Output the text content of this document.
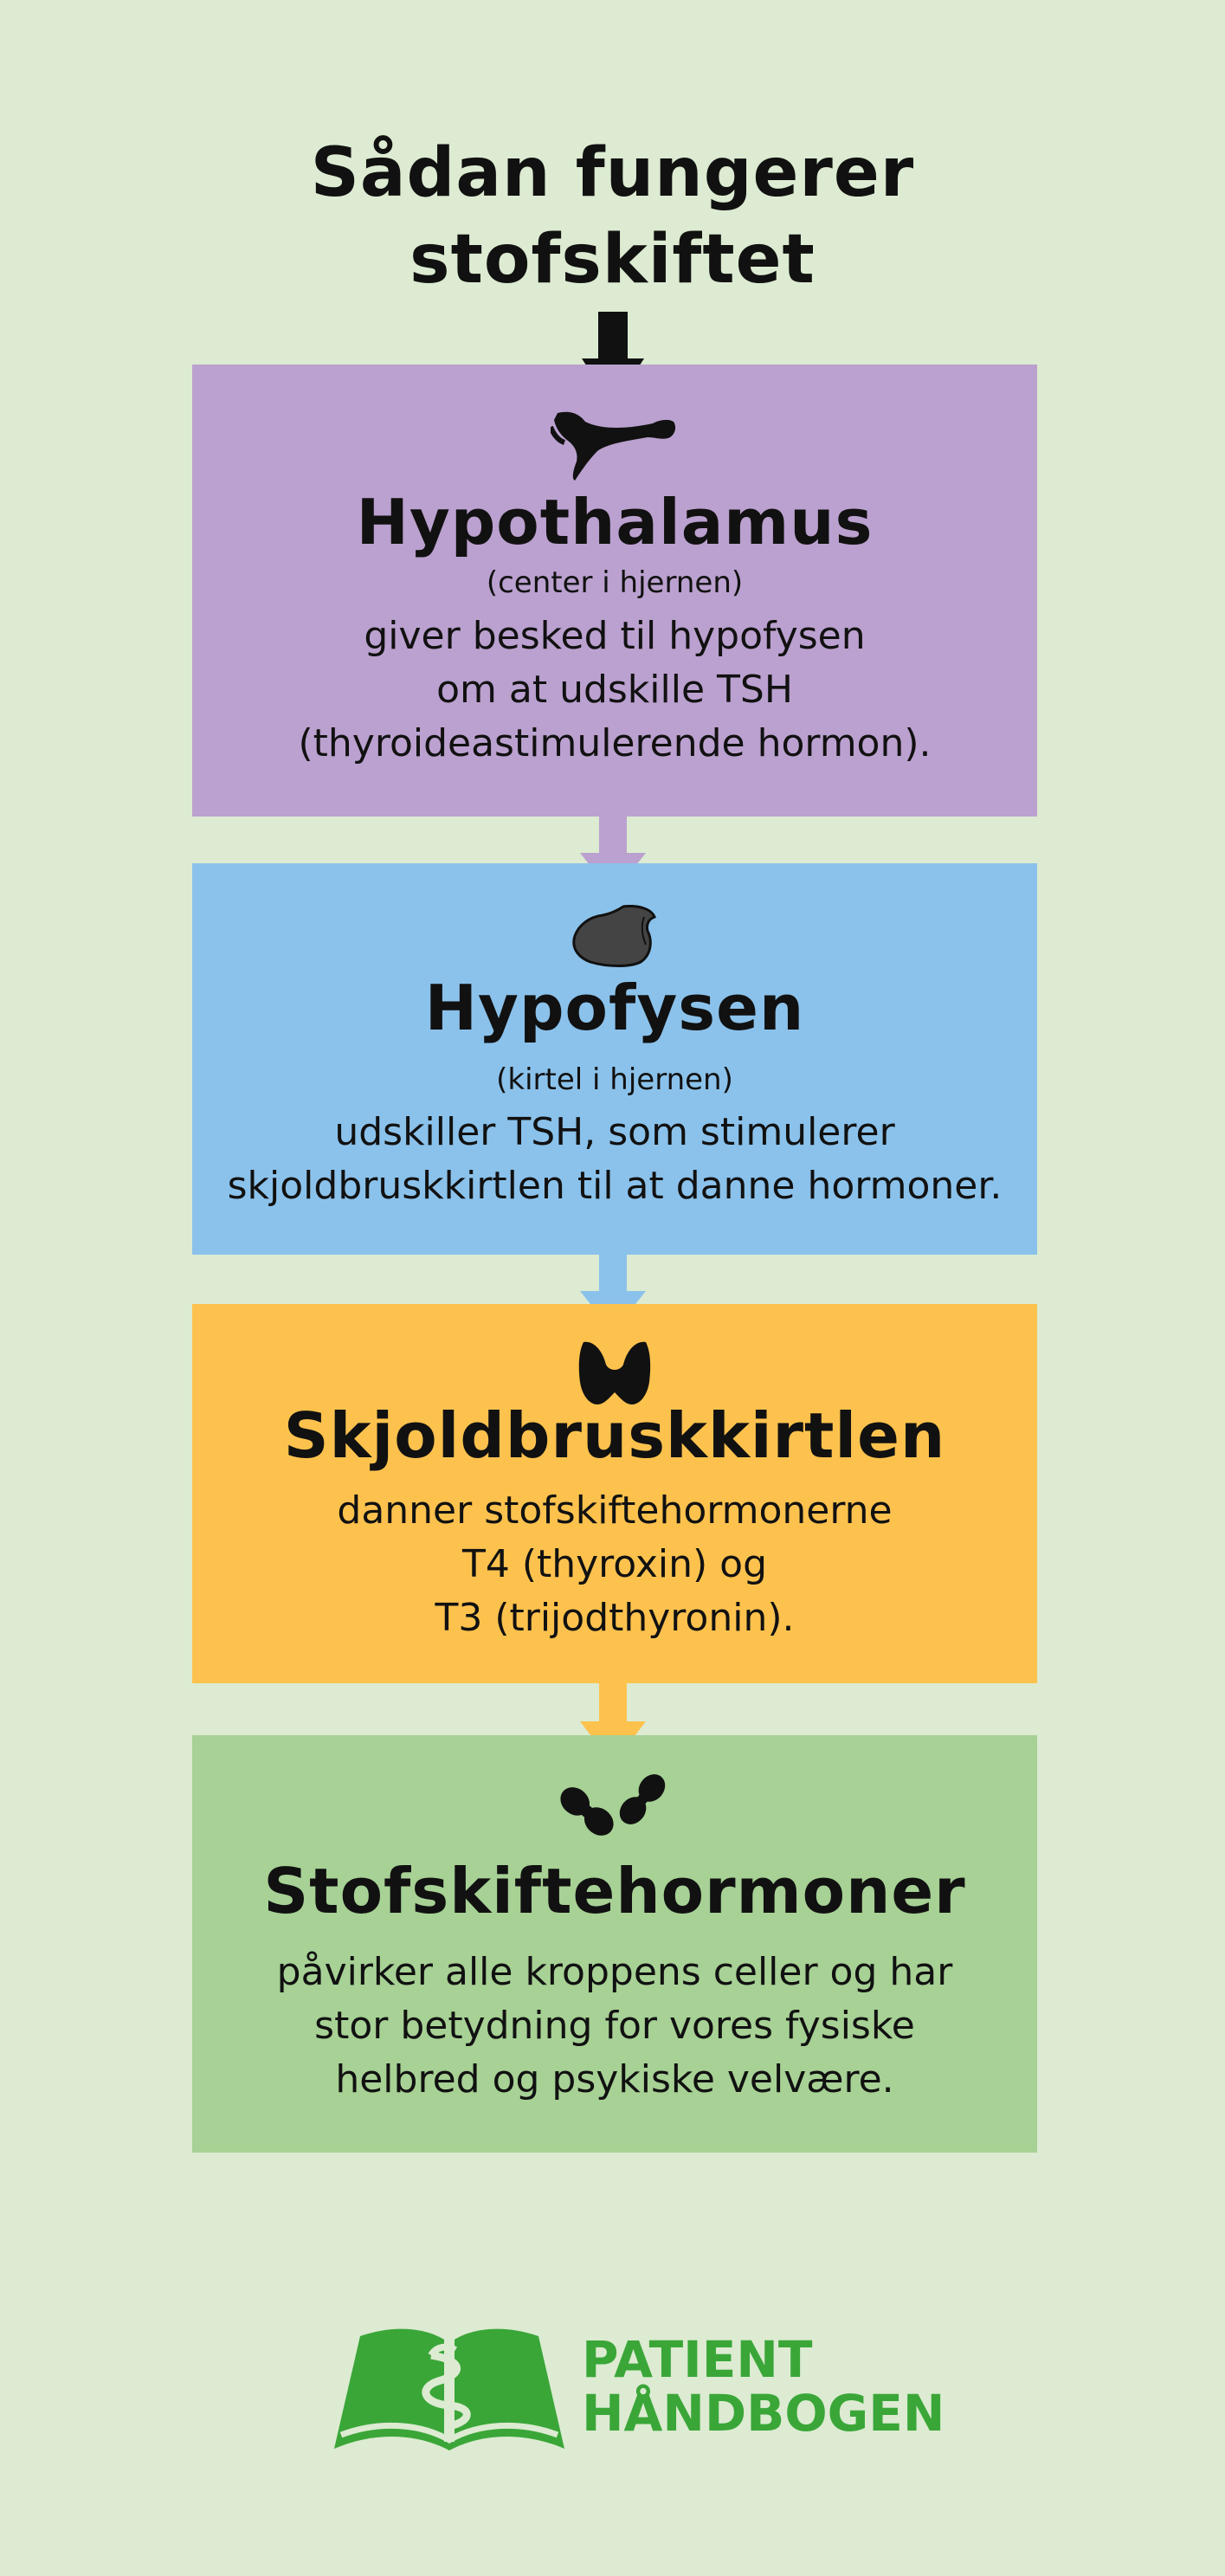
Sådan fungerer
stofskiftet
Hypothalamus
(center i hjernen)
giver besked til hypofysen
om at udskille TSH
(thyroideastimulerende hormon).
Hypofysen
(kirtel i hjernen)
udskiller TSH, som stimulerer
skjoldbruskkirtlen til at danne hormoner.
Skjoldbruskkirtlen
danner stofskiftehormonerne
T4 (thyroxin) og
T3 (trijodthyronin).
Stofskiftehormoner
påvirker alle kroppens celler og har
stor betydning for vores fysiske
helbred og psykiske velvære.
PATIENT
HÅNDBOGEN
